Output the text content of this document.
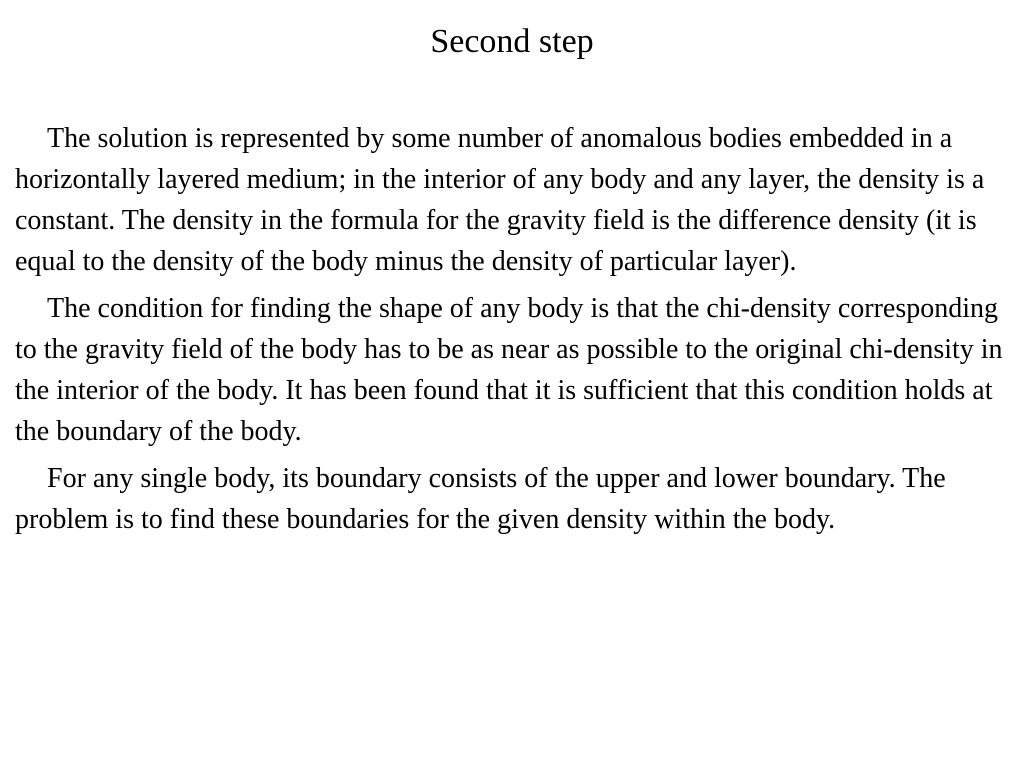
Second step

The solution is represented by some number of anomalous bodies embedded in a horizontally layered medium; in the interior of any body and any layer, the density is a constant. The density in the formula for the gravity field is the difference density (it is equal to the density of the body minus the density of particular layer).

The condition for finding the shape of any body is that the chi-density corresponding to the gravity field of the body has to be as near as possible to the original chi-density in the interior of the body. It has been found that it is sufficient that this condition holds at the boundary of the body.

For any single body, its boundary consists of the upper and lower boundary. The problem is to find these boundaries for the given density within the body.
